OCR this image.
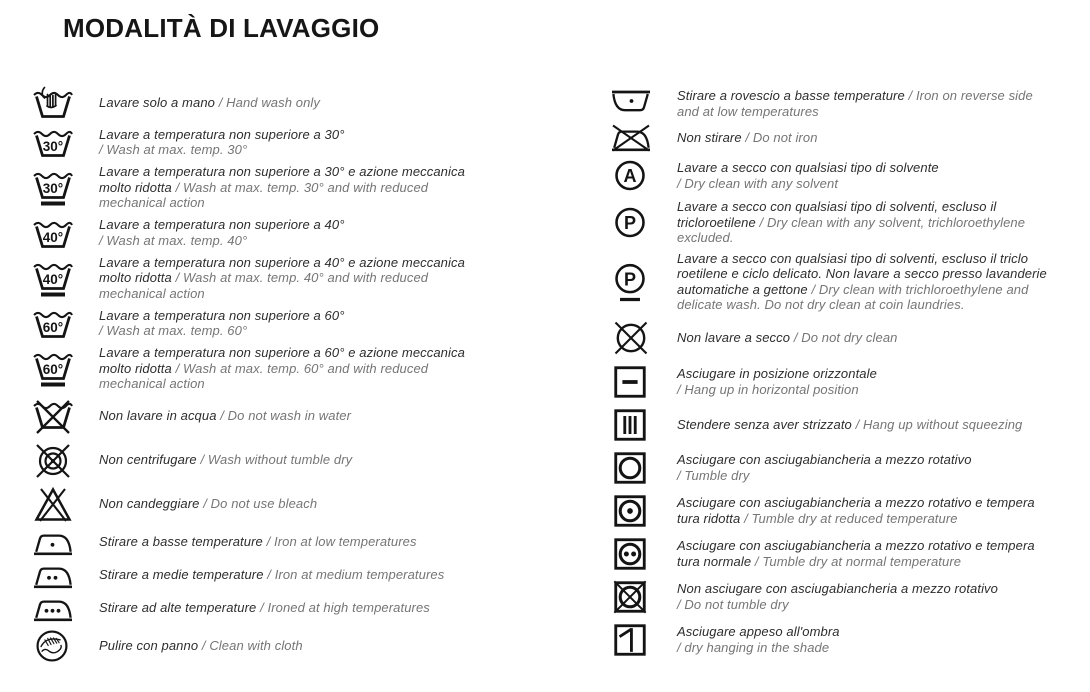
MODALITÀ DI LAVAGGIO
Lavare solo a mano / Hand wash only
30°
Lavare a temperatura non superiore a 30°
/ Wash at max. temp. 30°
30°
Lavare a temperatura non superiore a 30° e azione meccanica molto ridotta / Wash at max. temp. 30° and with reduced mechanical action
40°
Lavare a temperatura non superiore a 40°
/ Wash at max. temp. 40°
40°
Lavare a temperatura non superiore a 40° e azione meccanica molto ridotta / Wash at max. temp. 40° and with reduced mechanical action
60°
Lavare a temperatura non superiore a 60°
/ Wash at max. temp. 60°
60°
Lavare a temperatura non superiore a 60° e azione meccanica molto ridotta / Wash at max. temp. 60° and with reduced mechanical action
Non lavare in acqua / Do not wash in water
Non centrifugare / Wash without tumble dry
Non candeggiare / Do not use bleach
Stirare a basse temperature / Iron at low temperatures
Stirare a medie temperature / Iron at medium temperatures
Stirare ad alte temperature / Ironed at high temperatures
Pulire con panno / Clean with cloth
Stirare a rovescio a basse temperature / Iron on reverse side and at low temperatures
Non stirare / Do not iron
A	Lavare a secco con qualsiasi tipo di solvente
/ Dry clean with any solvent
P
Lavare a secco con qualsiasi tipo di solventi, escluso il tricloroetilene / Dry clean with any solvent, trichloroethylene excluded.
P
Lavare a secco con qualsiasi tipo di solventi, escluso il triclo roetilene e ciclo delicato. Non lavare a secco presso lavanderie automatiche a gettone / Dry clean with trichloroethylene and delicate wash. Do not dry clean at coin laundries.
Non lavare a secco / Do not dry clean
Asciugare in posizione orizzontale
/ Hang up in horizontal position
Stendere senza aver strizzato / Hang up without squeezing
Asciugare con asciugabiancheria a mezzo rotativo
/ Tumble dry
Asciugare con asciugabiancheria a mezzo rotativo e tempera tura ridotta / Tumble dry at reduced temperature
Asciugare con asciugabiancheria a mezzo rotativo e tempera tura normale / Tumble dry at normal temperature
Non asciugare con asciugabiancheria a mezzo rotativo
/ Do not tumble dry
Asciugare appeso all'ombra
/ dry hanging in the shade
